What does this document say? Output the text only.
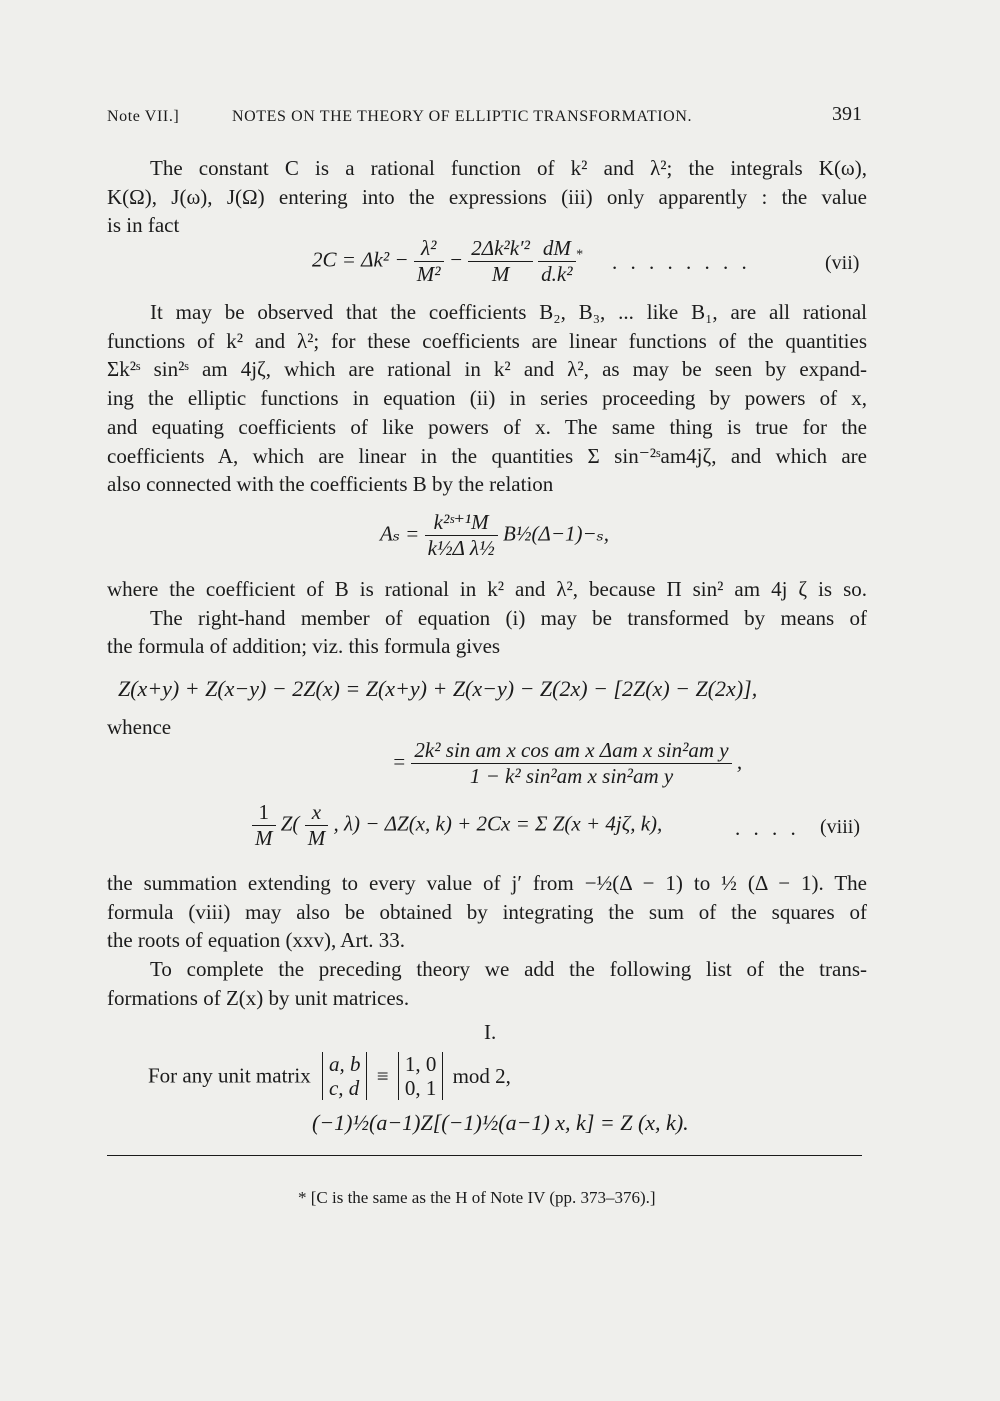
Note VII.]	NOTES ON THE THEORY OF ELLIPTIC TRANSFORMATION.	391
The constant C is a rational function of k² and λ²; the integrals K(ω),
K(Ω), J(ω), J(Ω) entering into the expressions (iii) only apparently : the value
is in fact
$2C = \Delta k^2 - \frac{\text{λ²}}{\text{M²}} - \frac{\text{2Δk²k′²}}{M}$
$\frac{dM}{\text{d.k²}} ^*$ . . . . . . . .	(vii)
It may be observed that the coefficients B₂, B₃, ... like B₁, are all rational
functions of k² and λ²; for these coefficients are linear functions of the quantities
Σk²ˢ sin²ˢ am 4jζ, which are rational in k² and λ², as may be seen by expand-
ing the elliptic functions in equation (ii) in series proceeding by powers of x,
and equating coefficients of like powers of x. The same thing is true for the
coefficients A, which are linear in the quantities Σ sin⁻²ˢam4jζ, and which are
also connected with the coefficients B by the relation
$A_s = \frac{\text{k²ˢ⁺¹M}}{\text{k½Δ λ½}}$ B½(Δ−1)−ₛ,
where the coefficient of B is rational in k² and λ², because Π sin² am 4j ζ is so.
The right-hand member of equation (i) may be transformed by means of
the formula of addition; viz. this formula gives
Z(x+y) + Z(x−y) − 2Z(x) = Z(x+y) + Z(x−y) − Z(2x) − [2Z(x) − Z(2x)],
whence
= $\frac{\text{2k² sin am x cos am x Δam x sin²am y}}{\text{1 − k² sin²am x sin²am y}}$ ,
$\frac{1}{M} Z( \frac{x}{M}$ , λ) − ΔZ(x, k) + 2Cx = Σ Z(x + 4jζ, k),	. . . . (viii)
the summation extending to every value of j′ from −½(Δ − 1) to ½ (Δ − 1). The
formula (viii) may also be obtained by integrating the sum of the squares of
the roots of equation (xxv), Art. 33.
To complete the preceding theory we add the following list of the trans-
formations of Z(x) by unit matrices.
I.
For any unit matrix a, b
c, d
≡ 1, 0
0, 1
mod 2,
(−1)½(a−1)Z[(−1)½(a−1) x, k] = Z (x, k).
* [C is the same as the H of Note IV (pp. 373–376).]
